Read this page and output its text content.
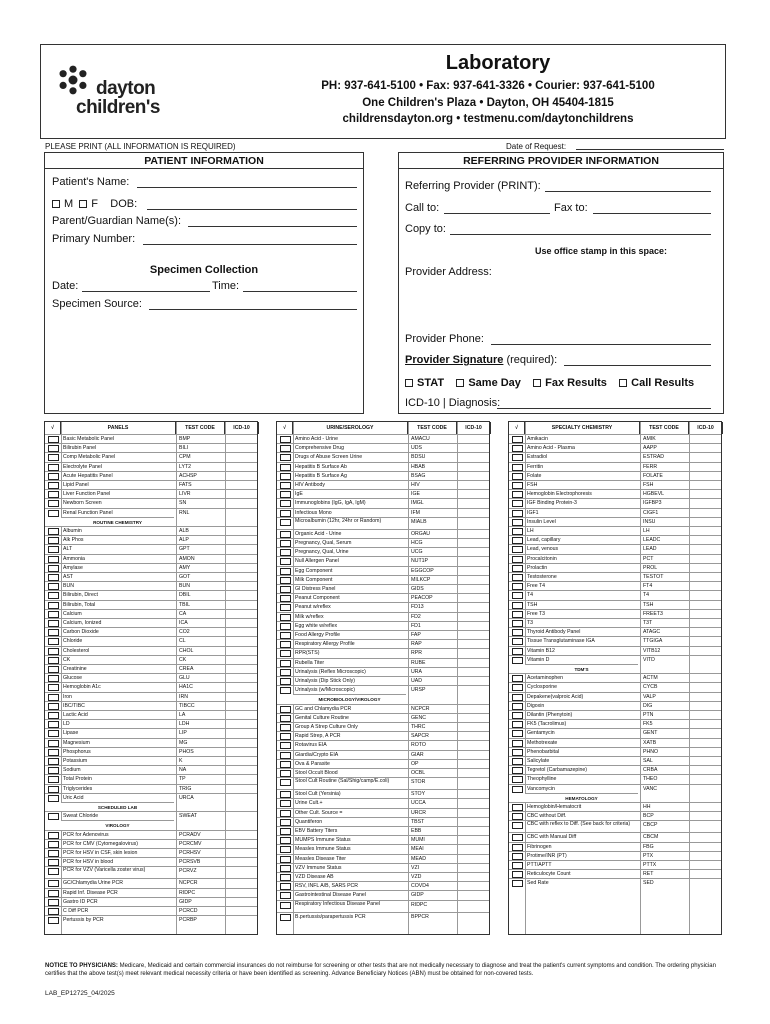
dayton
children's
Laboratory
PH: 937-641-5100 • Fax: 937-641-3326 • Courier: 937-641-5100
One Children's Plaza • Dayton, OH 45404-1815
childrensdayton.org • testmenu.com/daytonchildrens
PLEASE PRINT (ALL INFORMATION IS REQUIRED)	Date of Request:
PATIENT INFORMATION
Patient's Name:
M F DOB:
Parent/Guardian Name(s):
Primary Number:
Specimen Collection
Date:	Time:
Specimen Source:
REFERRING PROVIDER INFORMATION
Referring Provider (PRINT):
Call to:	Fax to:
Copy to:
Use office stamp in this space:
Provider Address:
Provider Phone:
Provider Signature (required):
STAT Same Day Fax Results Call Results
ICD-10 | Diagnosis:
√	PANELS	TEST CODE	ICD-10
Basic Metabolic Panel	BMP
Bilirubin Panel	BILI
Comp Metabolic Panel	CPM
Electrolyte Panel	LYT2
Acute Hepatitis Panel	ACHSP
Lipid Panel	FATS
Liver Function Panel	LIVR
Newborn Screen	SN
Renal Function Panel	RNL
ROUTINE CHEMISTRY
Albumin	ALB
Alk Phos	ALP
ALT	GPT
Ammonia	AMON
Amylase	AMY
AST	GOT
BUN	BUN
Bilirubin, Direct	DBIL
Bilirubin, Total	TBIL
Calcium	CA
Calcium, Ionized	ICA
Carbon Dioxide	CO2
Chloride	CL
Cholesterol	CHOL
CK	CK
Creatinine	CREA
Glucose	GLU
Hemoglobin A1c	HA1C
Iron	IRN
IBC/TIBC	TIBCC
Lactic Acid	LA
LD	LDH
Lipase	LIP
Magnesium	MG
Phosphorus	PHOS
Potassium	K
Sodium	NA
Total Protein	TP
Triglycerides	TRIG
Uric Acid	URCA
SCHEDULED LAB
Sweat Chloride	SWEAT
VIROLOGY
PCR for Adenovirus	PCRADV
PCR for CMV (Cytomegalovirus)	PCRCMV
PCR for HSV in CSF, skin lesion	PCRHSV
PCR for HSV in blood	PCRSVB
PCR for VZV (Varicella zoster virus)	PCRVZ
GC/Chlamydia Urine PCR	NCPCR
Rapid Inf. Disease PCR	RIDPC
Gastro ID PCR	GIDP
C Diff PCR	PCRCD
Pertussis by PCR	PCRBP
√	URINE/SEROLOGY	TEST CODE	ICD-10
Amino Acid - Urine	AMACU
Comprehensive Drug	UDS
Drugs of Abuse Screen Urine	BDSU
Hepatitis B Surface Ab	HBAB
Hepatitis B Surface Ag	BSAG
HIV Antibody	HIV
IgE	IGE
Immunoglobins (IgG, IgA, IgM)	IMGL
Infectious Mono	IFM
Microalbumin (12hr, 24hr or Random)	MIALB
Organic Acid - Urine	ORGAU
Pregnancy, Qual, Serum	HCG
Pregnancy, Qual, Urine	UCG
Null Allergen Panel	NUT1P
Egg Component	EGGCOP
Milk Component	MILKCP
GI Distress Panel	GIDS
Peanut Component	PEACOP
Peanut w/reflex	FD13
Milk w/reflex	FD2
Egg white w/reflex	FD1
Food Allergy Profile	FAP
Respiratory Allergy Profile	RAP
RPR(STS)	RPR
Rubella Titer	RUBE
Urinalysis (Reflex Microscopic)	URA
Urinalysis (Dip Stick Only)	UAD
Urinalysis (w/Microscopic)	URSP
MICROBIOLOGY/VIROLOGY
GC and Chlamydia PCR	NCPCR
Genital Culture Routine	GENC
Group A Strep Culture Only	THRC
Rapid Strep, A PCR	SAPCR
Rotavirus EIA	ROTO
Giardia/Crypto EIA	GIAR
Ova & Parasite	OP
Stool Occult Blood	OCBL
Stool Cult Routine (Sal/Shig/camp/E.coli)	STOR
Stool Cult (Yersinia)	STOY
Urine Cult.+	UCCA
Other Cult. Source =	URCR
Quantiferon	TBST
EBV Battery Titers	EBB
MUMPS Immune Status	MUMI
Measles Immune Status	MEAI
Measles Disease Titer	MEAD
VZV Immune Status	VZI
VZD Disease AB	VZD
RSV, INFL A/B, SARS PCR	COVD4
Gastrointestinal Disease Panel	GIDP
Respiratory Infectious Disease Panel	RIDPC
B.pertussis/parapertussis PCR	BPPCR
√	SPECIALTY CHEMISTRY	TEST CODE	ICD-10
Amikacin	AMIK
Amino Acid - Plasma	AAPP
Estradiol	ESTRAD
Ferritin	FERR
Folate	FOLATE
FSH	FSH
Hemoglobin Electrophoresis	HGBEVL
IGF Binding Protein-3	IGFBP3
IGF1	CIGF1
Insulin Level	INSU
LH	LH
Lead, capillary	LEADC
Lead, venous	LEAD
Procalcitonin	PCT
Prolactin	PROL
Testosterone	TESTOT
Free T4	FT4
T4	T4
TSH	TSH
Free T3	FREET3
T3	T3T
Thyroid Antibody Panel	ATAGC
Tissue Transglutaminase IGA	TTGIGA
Vitamin B12	VITB12
Vitamin D	VITD
TDM'S
Acetaminophen	ACTM
Cyclosporine	CYCB
Depakene(valproic Acid)	VALP
Digoxin	DIG
Dilantin (Phenytoin)	PTN
FK5 (Tacrolimus)	FK5
Gentamycin	GENT
Methotrexate	XATB
Phenobarbital	PHNO
Salicylate	SAL
Tegretol (Carbamazepine)	CRBA
Theophylline	THEO
Vancomycin	VANC
HEMATOLOGY
Hemoglobin/Hematocrit	HH
CBC without Diff.	BCP
CBC with reflex to Diff. (See back for criteria)	CBCP
CBC with Manual Diff	CBCM
Fibrinogen	FBG
Protime/INR (PT)	PTX
PTT/APTT	PTTX
Reticulocyte Count	RET
Sed Rate	SED
NOTICE TO PHYSICIANS: Medicare, Medicaid and certain commercial insurances do not reimburse for screening or other tests that are not medically necessary to diagnose and treat the patient's current symptoms and condition. The ordering physician certifies that the above test(s) meet relevant medical necessity criteria or have been identified as screening. Advance Beneficiary Notices (ABN) must be obtained for non-covered tests.
LAB_EP12725_04/2025
